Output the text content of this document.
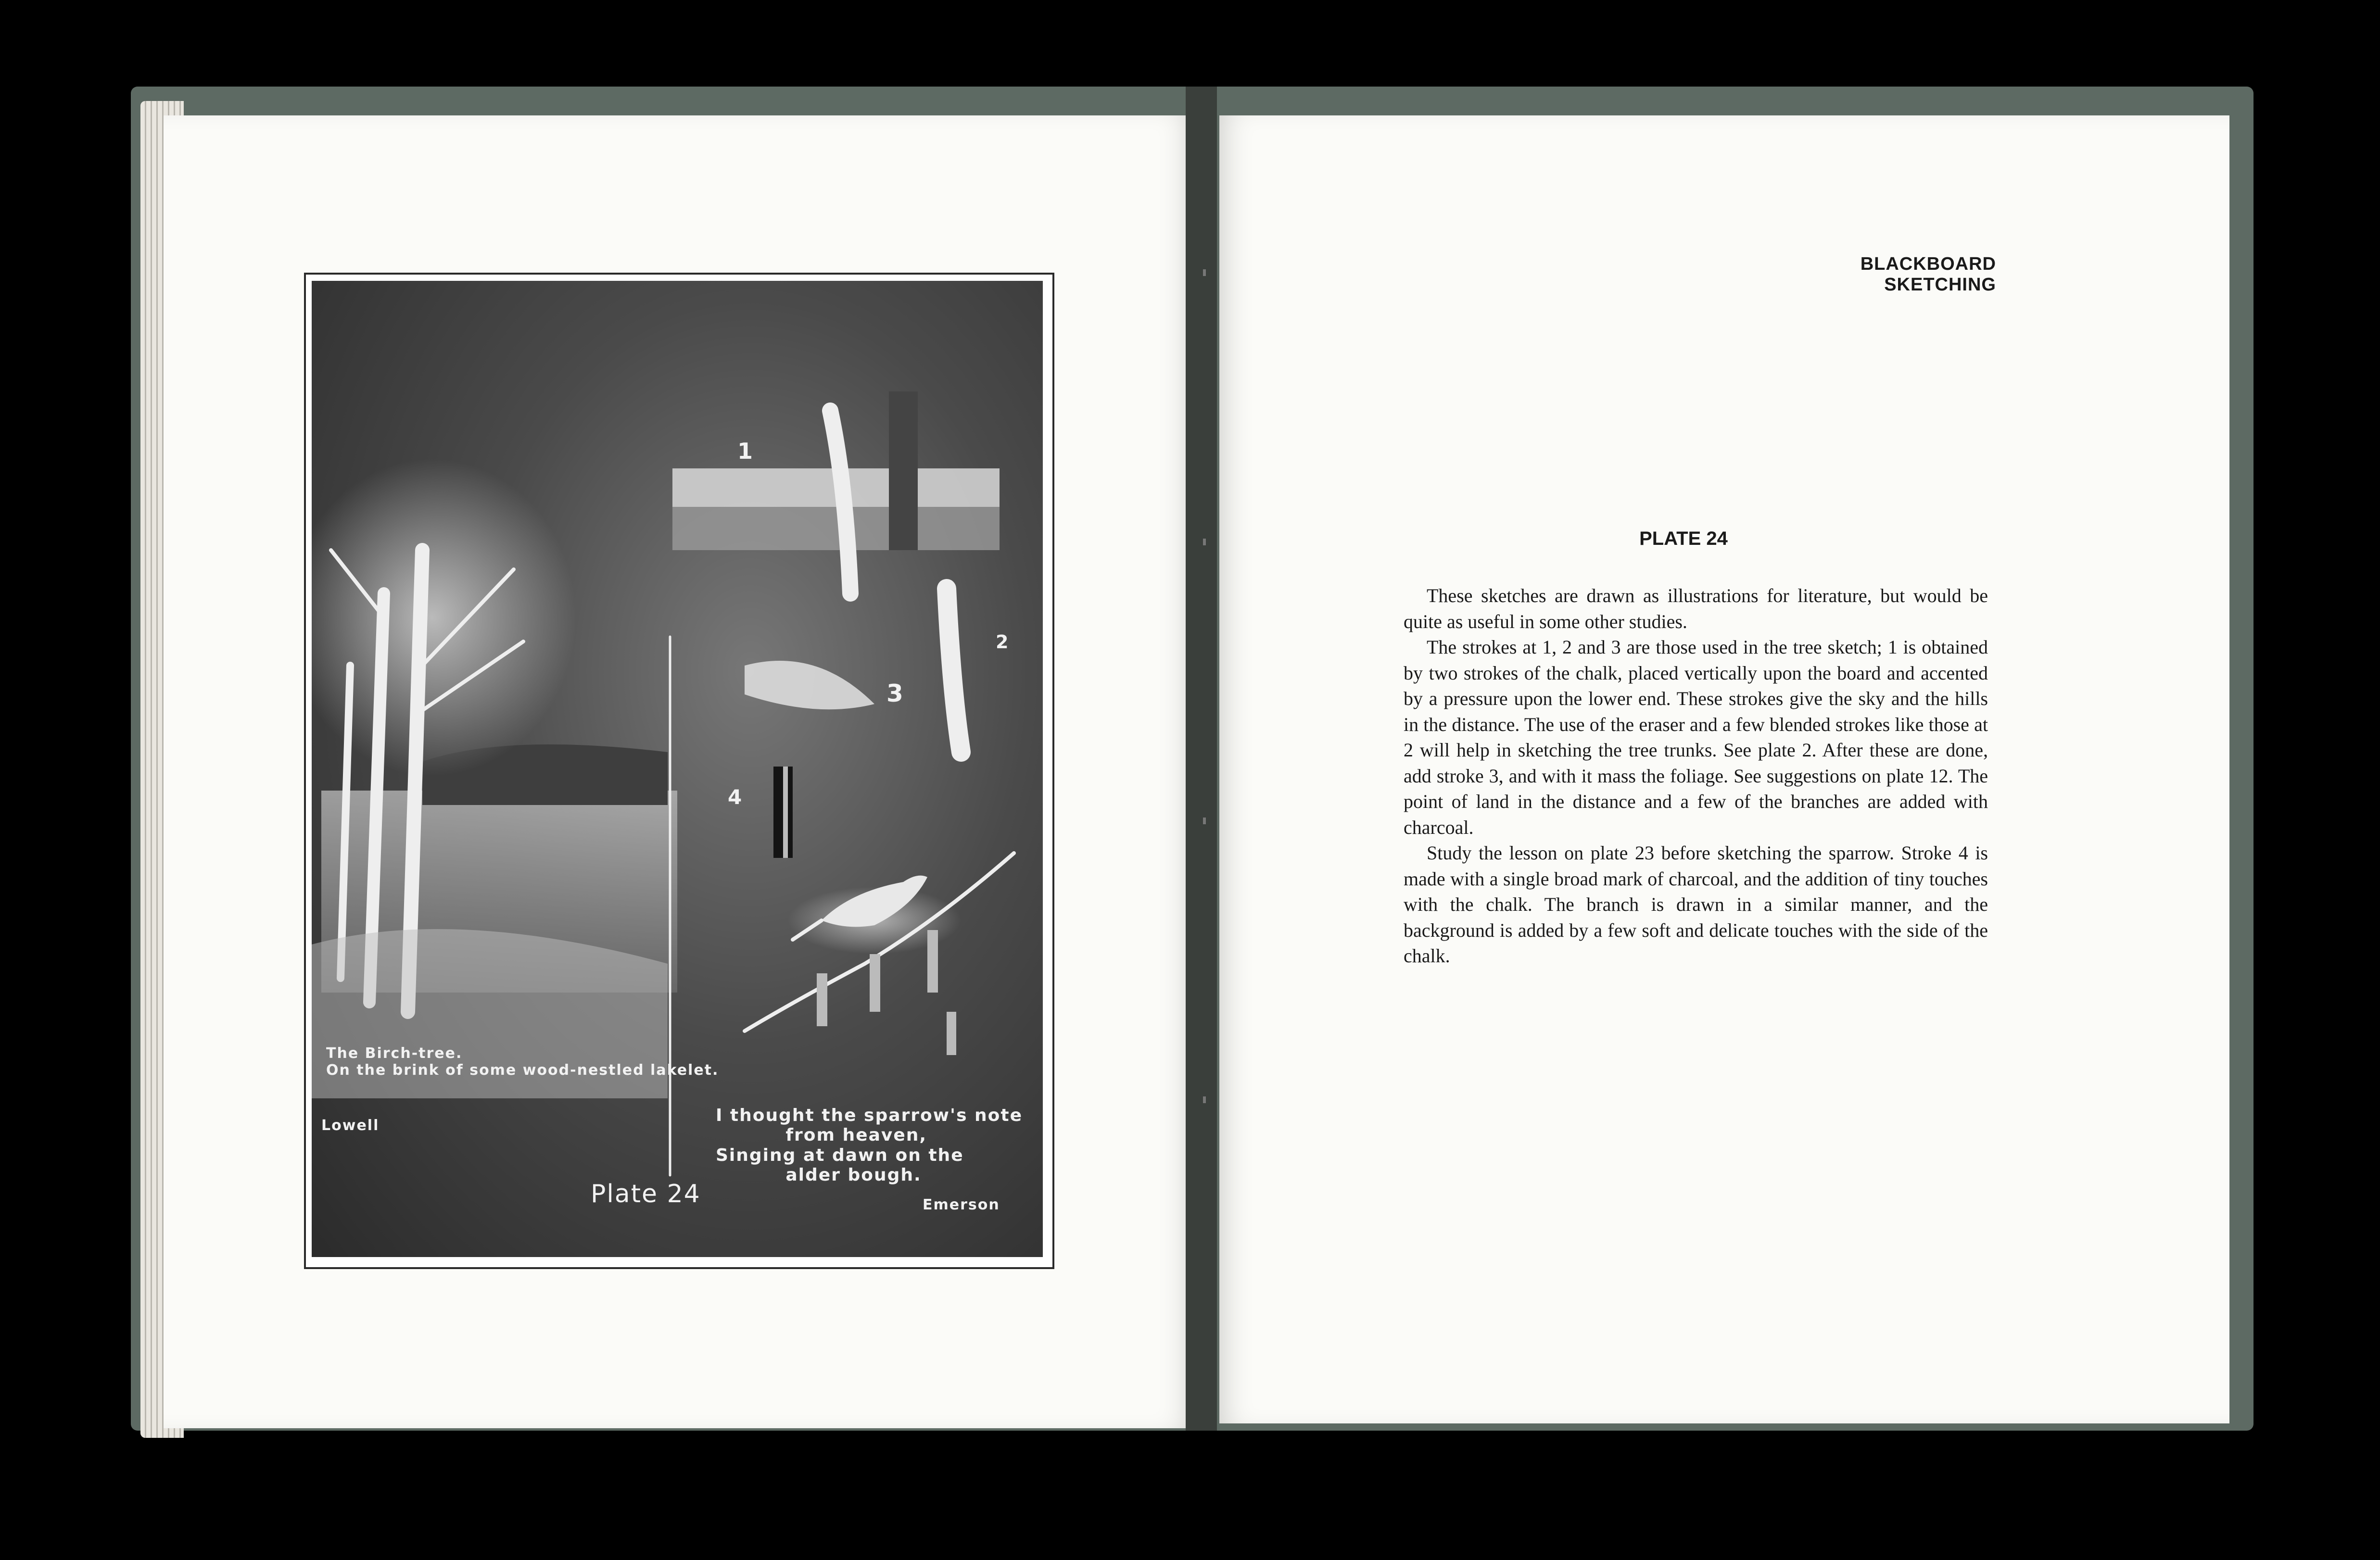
1
2
3
4
The Birch-tree.
On the brink of some wood-nestled lakelet.
Lowell
I thought the sparrow's note
from heaven,
Singing at dawn on the
alder bough.
Emerson
Plate 24
BLACKBOARD SKETCHING
PLATE 24

These sketches are drawn as illustrations for literature, but would be quite as useful in some other studies.

The strokes at 1, 2 and 3 are those used in the tree sketch; 1 is obtained by two strokes of the chalk, placed vertically upon the board and accented by a pressure upon the lower end. These strokes give the sky and the hills in the distance. The use of the eraser and a few blended strokes like those at 2 will help in sketching the tree trunks. See plate 2. After these are done, add stroke 3, and with it mass the foliage. See suggestions on plate 12. The point of land in the distance and a few of the branches are added with charcoal.

Study the lesson on plate 23 before sketching the sparrow. Stroke 4 is made with a single broad mark of charcoal, and the addition of tiny touches with the chalk. The branch is drawn in a similar manner, and the background is added by a few soft and delicate touches with the side of the chalk.
